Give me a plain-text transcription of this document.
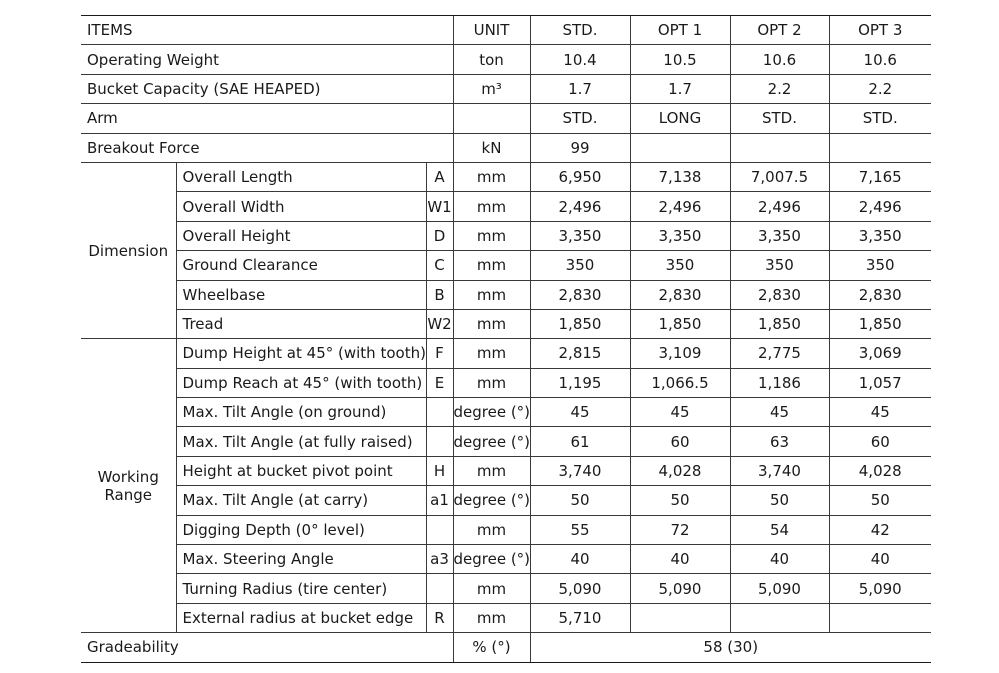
ITEMS			UNIT	STD.	OPT 1	OPT 2	OPT 3
Operating Weight			ton	10.4	10.5	10.6	10.6
Bucket Capacity (SAE HEAPED)			m³	1.7	1.7	2.2	2.2
Arm				STD.	LONG	STD.	STD.
Breakout Force			kN	99			
Dimension	Overall Length	A	mm	6,950	7,138	7,007.5	7,165
	Overall Width	W1	mm	2,496	2,496	2,496	2,496
	Overall Height	D	mm	3,350	3,350	3,350	3,350
	Ground Clearance	C	mm	350	350	350	350
	Wheelbase	B	mm	2,830	2,830	2,830	2,830
	Tread	W2	mm	1,850	1,850	1,850	1,850
Working Range	Dump Height at 45° (with tooth)	F	mm	2,815	3,109	2,775	3,069
	Dump Reach at 45° (with tooth)	E	mm	1,195	1,066.5	1,186	1,057
	Max. Tilt Angle (on ground)		degree (°)	45	45	45	45
	Max. Tilt Angle (at fully raised)		degree (°)	61	60	63	60
	Height at bucket pivot point	H	mm	3,740	4,028	3,740	4,028
	Max. Tilt Angle (at carry)	a1	degree (°)	50	50	50	50
	Digging Depth (0° level)		mm	55	72	54	42
	Max. Steering Angle	a3	degree (°)	40	40	40	40
	Turning Radius (tire center)		mm	5,090	5,090	5,090	5,090
	External radius at bucket edge	R	mm	5,710			
Gradeability			% (°)	58 (30)			
